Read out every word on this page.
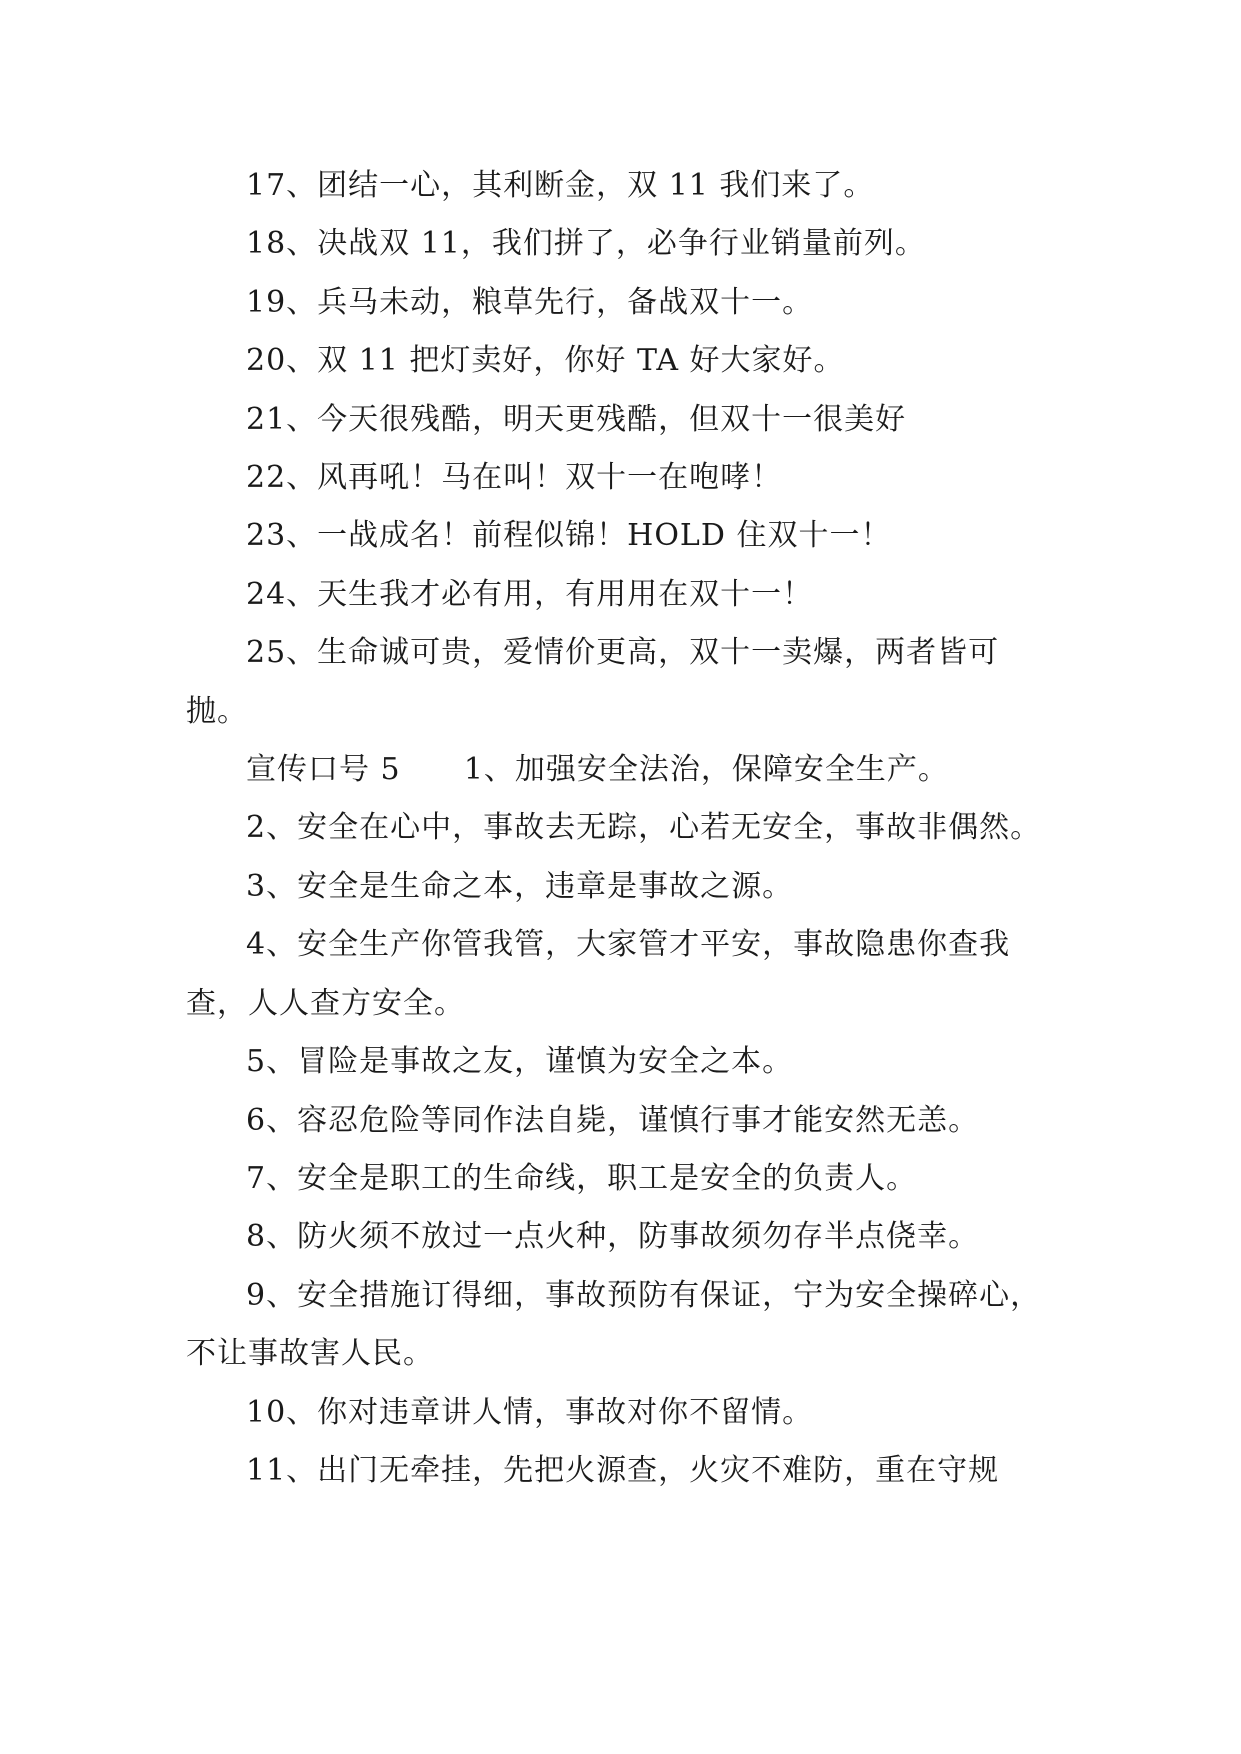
17、团结一心，其利断金，双 11 我们来了。

18、决战双 11，我们拼了，必争行业销量前列。

19、兵马未动，粮草先行，备战双十一。

20、双 11 把灯卖好，你好 TA 好大家好。

21、今天很残酷，明天更残酷，但双十一很美好

22、风再吼！马在叫！双十一在咆哮！

23、一战成名！前程似锦！HOLD 住双十一！

24、天生我才必有用，有用用在双十一！

25、生命诚可贵，爱情价更高，双十一卖爆，两者皆可抛。

宣传口号 5      1、加强安全法治，保障安全生产。

2、安全在心中，事故去无踪，心若无安全，事故非偶然。

3、安全是生命之本，违章是事故之源。

4、安全生产你管我管，大家管才平安，事故隐患你查我查，人人查方安全。

5、冒险是事故之友，谨慎为安全之本。

6、容忍危险等同作法自毙，谨慎行事才能安然无恙。

7、安全是职工的生命线，职工是安全的负责人。

8、防火须不放过一点火种，防事故须勿存半点侥幸。

9、安全措施订得细，事故预防有保证，宁为安全操碎心，不让事故害人民。

10、你对违章讲人情，事故对你不留情。

11、出门无牵挂，先把火源查，火灾不难防，重在守规
